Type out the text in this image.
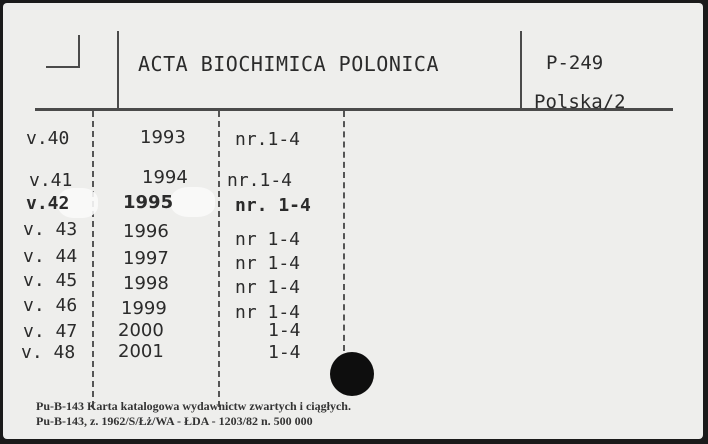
ACTA BIOCHIMICA POLONICA	P-249
Polska/2
v.40	1993	nr.1-4
v.41	1994 nr.1-4
v.42	1995	nr. 1-4
v. 43	1996	nr 1-4
v. 44	1997	nr 1-4
v. 45	1998	nr 1-4
v. 46 1999	nr 1-4
v. 47 2000	1-4
v. 48 2001	1-4
Pu-B-143 Karta katalogowa wydawnictw zwartych i ciągłych.
Pu-B-143, z. 1962/S/Łż/WA - ŁDA - 1203/82 n. 500 000
